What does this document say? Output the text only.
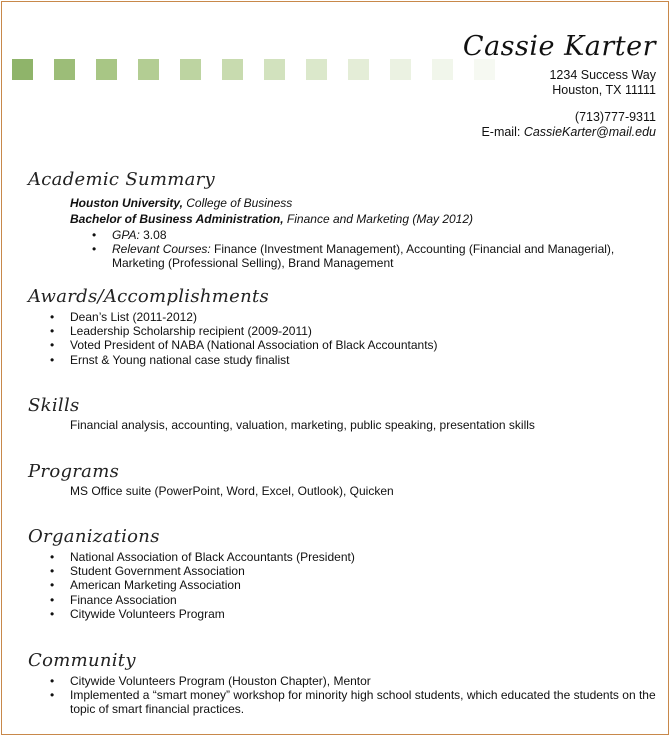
Cassie Karter
1234 Success Way
Houston, TX 11111
(713)777-9311
E-mail: CassieKarter@mail.edu
Academic Summary
Houston University, College of Business
Bachelor of Business Administration, Finance and Marketing (May 2012)
• GPA: 3.08
• Relevant Courses: Finance (Investment Management), Accounting (Financial and Managerial), Marketing (Professional Selling), Brand Management
Awards/Accomplishments
• Dean’s List (2011-2012)
• Leadership Scholarship recipient (2009-2011)
• Voted President of NABA (National Association of Black Accountants)
• Ernst & Young national case study finalist
Skills
Financial analysis, accounting, valuation, marketing, public speaking, presentation skills
Programs
MS Office suite (PowerPoint, Word, Excel, Outlook), Quicken
Organizations
• National Association of Black Accountants (President)
• Student Government Association
• American Marketing Association
• Finance Association
• Citywide Volunteers Program
Community
• Citywide Volunteers Program (Houston Chapter), Mentor
• Implemented a “smart money” workshop for minority high school students, which educated the students on the topic of smart financial practices.
